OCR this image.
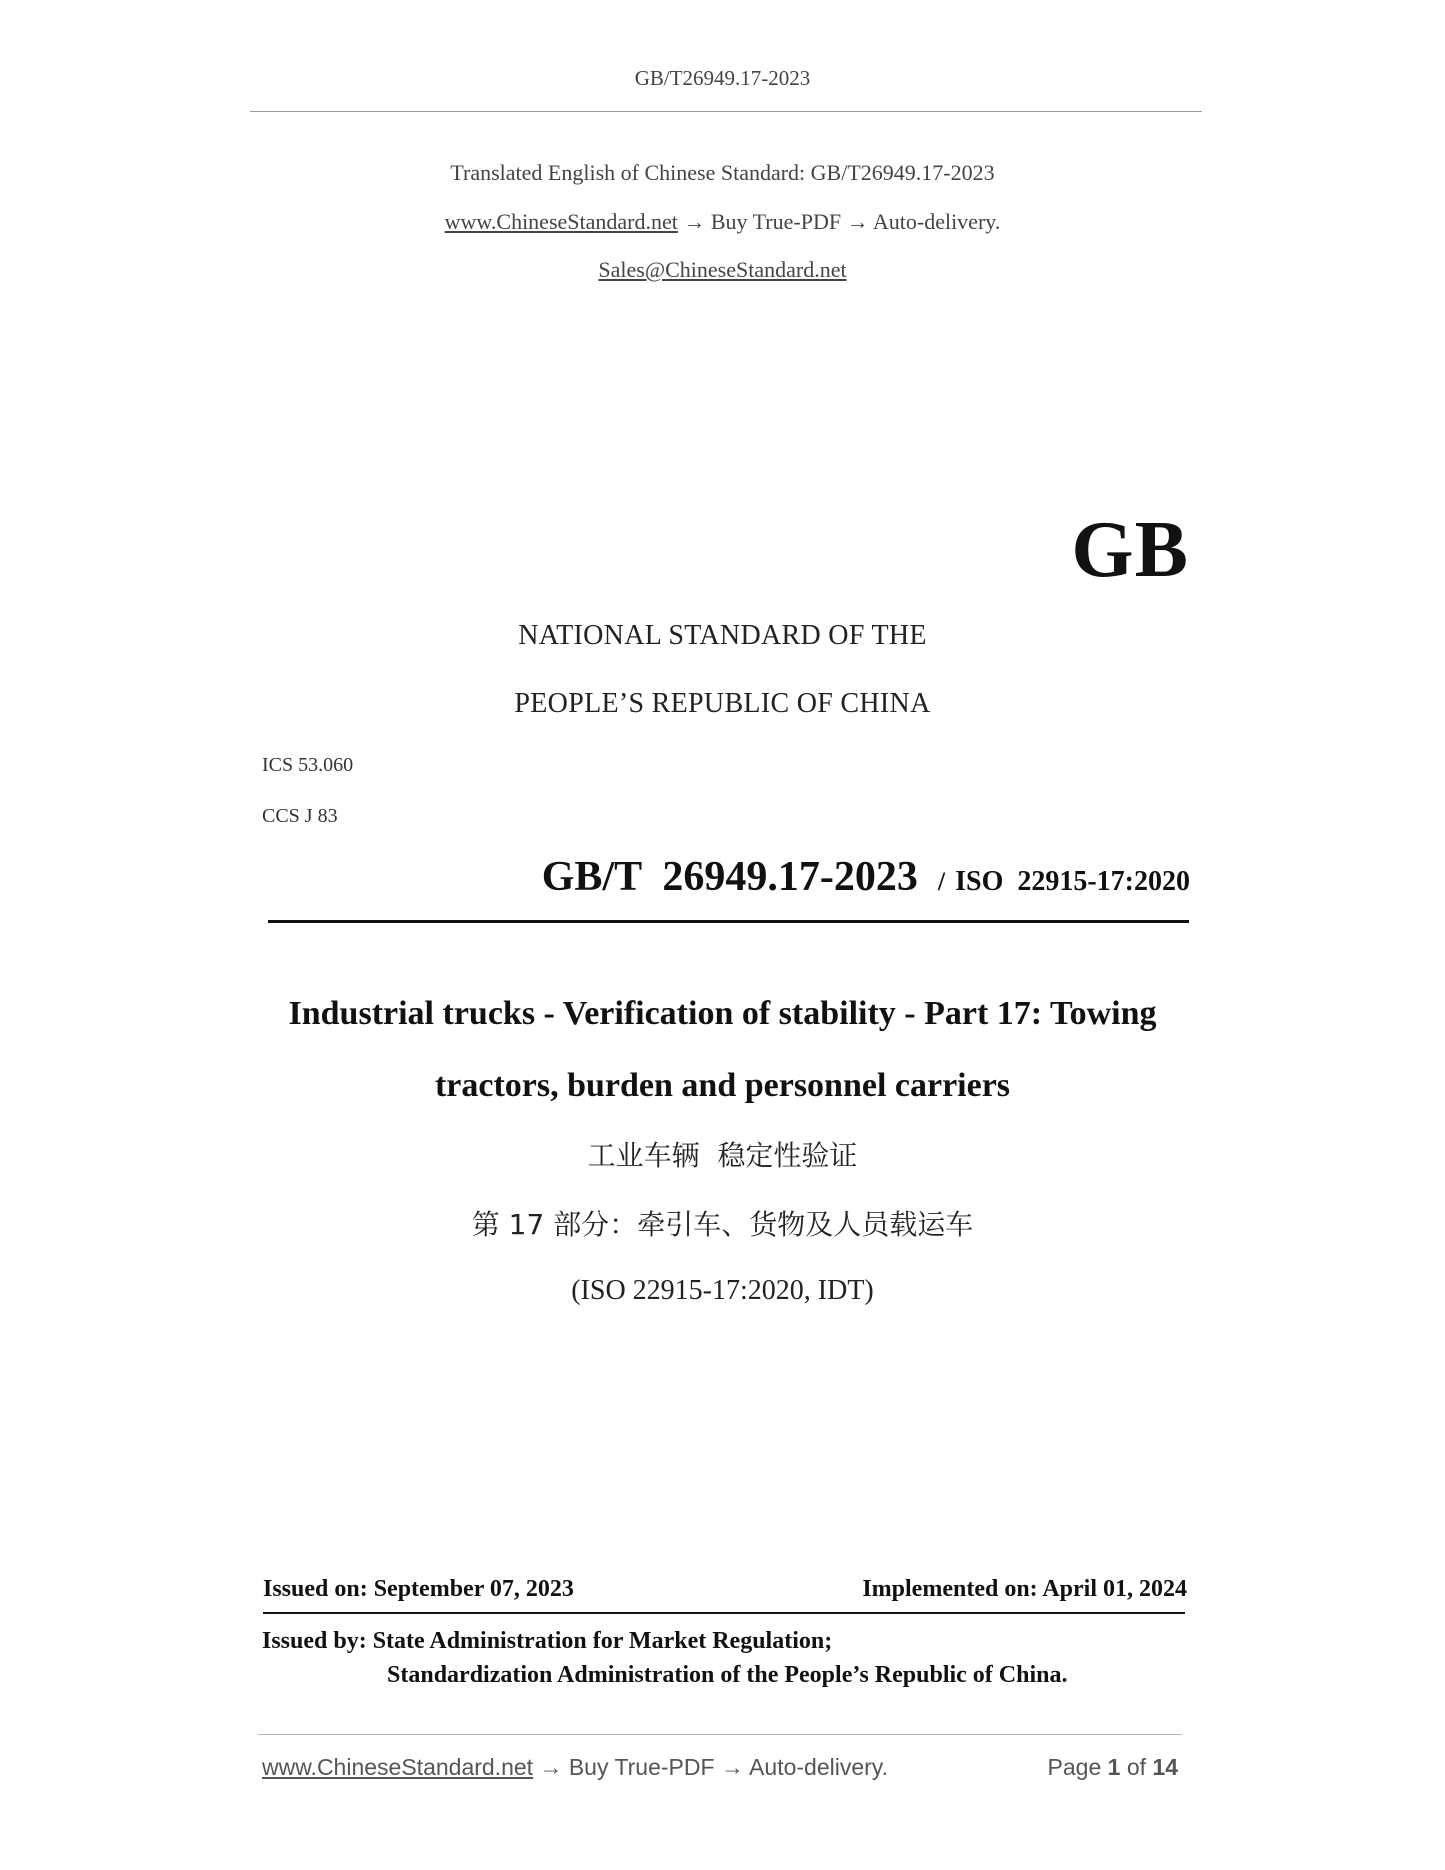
GB/T26949.17-2023
Translated English of Chinese Standard: GB/T26949.17-2023
www.ChineseStandard.net → Buy True-PDF → Auto-delivery.
Sales@ChineseStandard.net
GB
NATIONAL STANDARD OF THE
PEOPLE’S REPUBLIC OF CHINA
ICS 53.060
CCS J 83
GB/T  26949.17-2023 / ISO  22915-17:2020
Industrial trucks - Verification of stability - Part 17: Towing
tractors, burden and personnel carriers
工业车辆  稳定性验证
第 17 部分：牵引车、货物及人员载运车
(ISO 22915-17:2020, IDT)
Issued on: September 07, 2023	Implemented on: April 01, 2024
Issued by: State Administration for Market Regulation;
Standardization Administration of the People’s Republic of China.
www.ChineseStandard.net → Buy True-PDF → Auto-delivery.	Page 1 of 14
